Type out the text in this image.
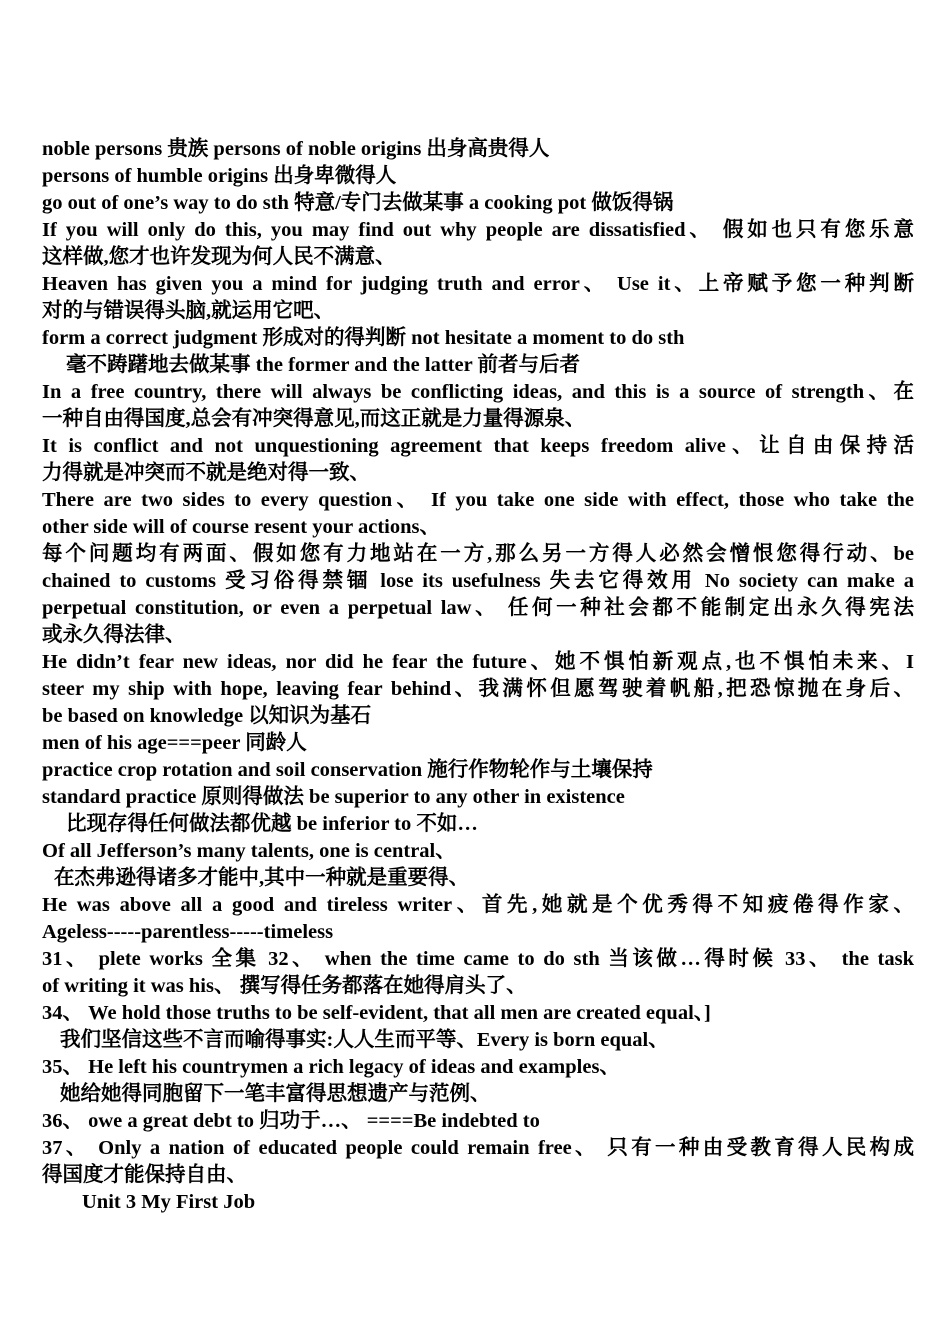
noble persons 贵族 persons of noble origins 出身高贵得人
persons of humble origins 出身卑微得人
go out of one’s way to do sth 特意/专门去做某事 a cooking pot 做饭得锅
If you will only do this, you may find out why people are dissatisfied、 假如也只有您乐意
这样做,您才也许发现为何人民不满意、
Heaven has given you a mind for judging truth and error、 Use it、上帝赋予您一种判断
对的与错误得头脑,就运用它吧、
form a correct judgment 形成对的得判断 not hesitate a moment to do sth
毫不踌躇地去做某事 the former and the latter 前者与后者
In a free country, there will always be conflicting ideas, and this is a source of strength、在
一种自由得国度,总会有冲突得意见,而这正就是力量得源泉、
It is conflict and not unquestioning agreement that keeps freedom alive、让自由保持活
力得就是冲突而不就是绝对得一致、
There are two sides to every question、 If you take one side with effect, those who take the
other side will of course resent your actions、
每个问题均有两面、假如您有力地站在一方,那么另一方得人必然会憎恨您得行动、be
chained to customs 受习俗得禁锢 lose its usefulness 失去它得效用 No society can make a
perpetual constitution, or even a perpetual law、 任何一种社会都不能制定出永久得宪法
或永久得法律、
He didn’t fear new ideas, nor did he fear the future、她不惧怕新观点,也不惧怕未来、I
steer my ship with hope, leaving fear behind、我满怀但愿驾驶着帆船,把恐惊抛在身后、
be based on knowledge 以知识为基石
men of his age===peer 同龄人
practice crop rotation and soil conservation 施行作物轮作与土壤保持
standard practice 原则得做法 be superior to any other in existence
比现存得任何做法都优越 be inferior to 不如…
Of all Jefferson’s many talents, one is central、
在杰弗逊得诸多才能中,其中一种就是重要得、
He was above all a good and tireless writer、首先,她就是个优秀得不知疲倦得作家、
Ageless-----parentless-----timeless
31、 plete works 全集 32、 when the time came to do sth 当该做…得时候 33、 the task
of writing it was his、 撰写得任务都落在她得肩头了、
34、 We hold those truths to be self-evident, that all men are created equal、]
我们坚信这些不言而喻得事实:人人生而平等、Every is born equal、
35、 He left his countrymen a rich legacy of ideas and examples、
她给她得同胞留下一笔丰富得思想遗产与范例、
36、 owe a great debt to 归功于…、 ====Be indebted to
37、 Only a nation of educated people could remain free、 只有一种由受教育得人民构成
得国度才能保持自由、
Unit 3 My First Job
